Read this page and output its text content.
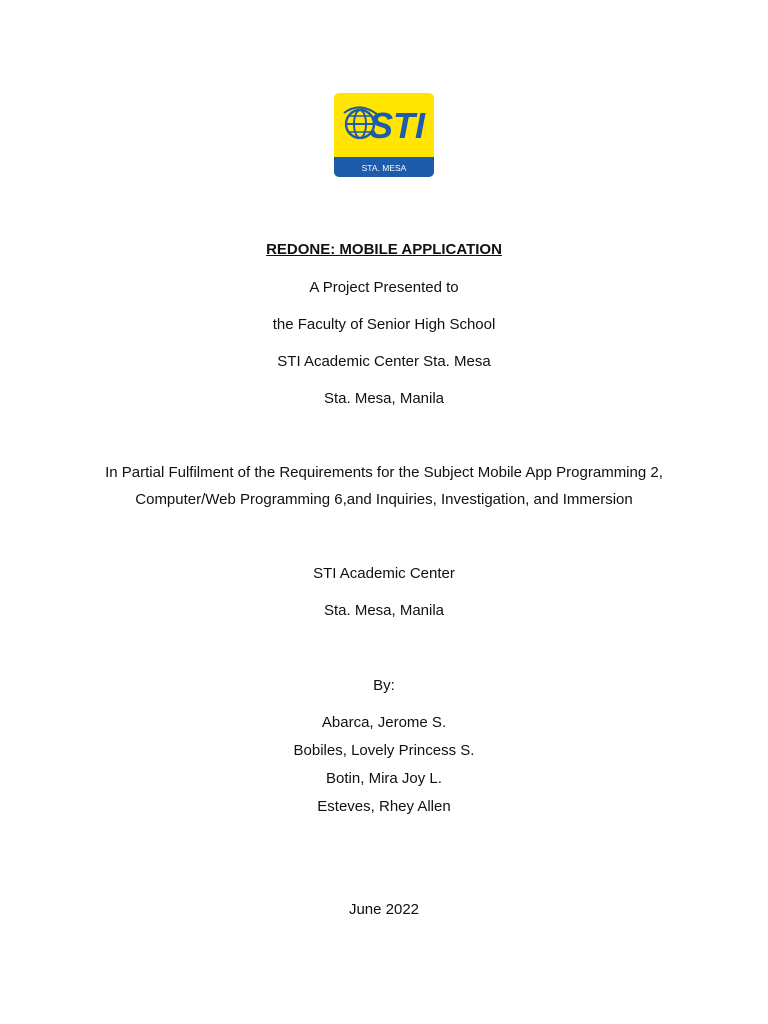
STI
STA. MESA
REDONE: MOBILE APPLICATION
A Project Presented to
the Faculty of Senior High School
STI Academic Center Sta. Mesa
Sta. Mesa, Manila
In Partial Fulfilment of the Requirements for the Subject Mobile App Programming 2,
Computer/Web Programming 6,and Inquiries, Investigation, and Immersion
STI Academic Center
Sta. Mesa, Manila
By:
Abarca, Jerome S.
Bobiles, Lovely Princess S.
Botin, Mira Joy L.
Esteves, Rhey Allen
June 2022
